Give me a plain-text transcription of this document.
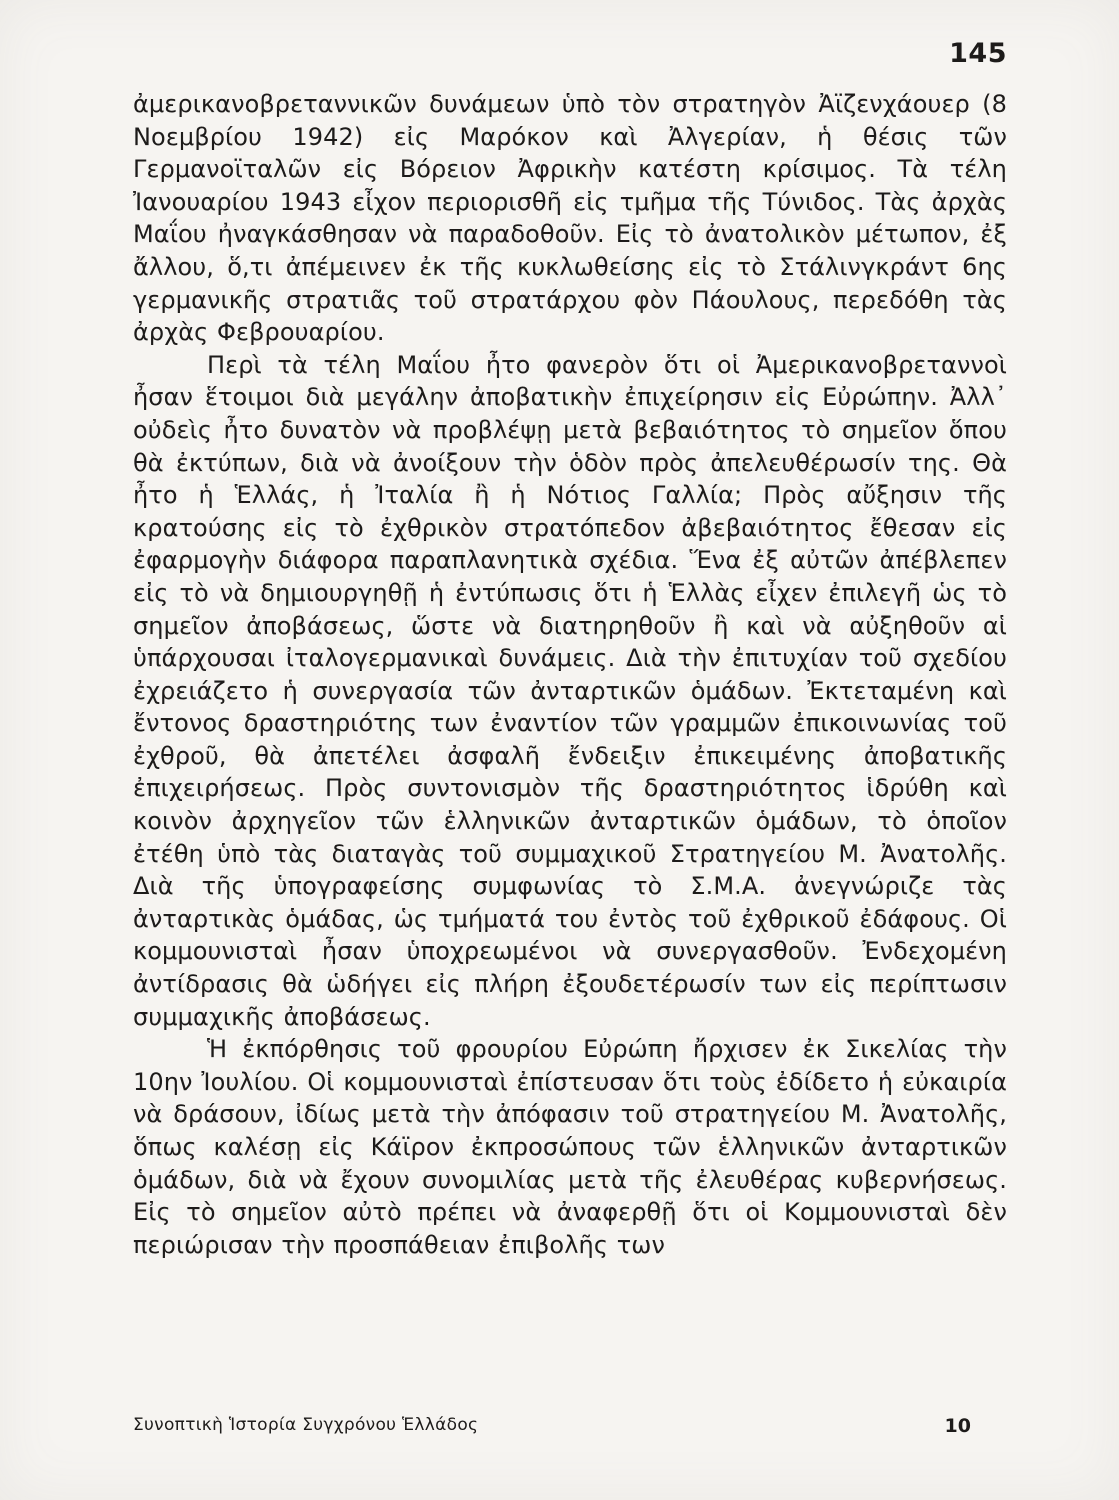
145

ἀμερικανοβρεταννικῶν δυνάμεων ὑπὸ τὸν στρατηγὸν Ἀϊζενχάουερ (8 Νοεμβρίου 1942) εἰς Μαρόκον καὶ Ἀλγερίαν, ἡ θέσις τῶν Γερμανοϊταλῶν εἰς Βόρειον Ἀφρικὴν κατέστη κρίσιμος. Τὰ τέλη Ἰανουαρίου 1943 εἶχον περιορισθῆ εἰς τμῆμα τῆς Τύνιδος. Τὰς ἀρχὰς Μαΐου ἠναγκάσθησαν νὰ παραδοθοῦν. Εἰς τὸ ἀνατολικὸν μέτωπον, ἐξ ἄλλου, ὅ,τι ἀπέμεινεν ἐκ τῆς κυκλωθείσης εἰς τὸ Στάλινγκράντ 6ης γερμανικῆς στρατιᾶς τοῦ στρατάρχου φὸν Πάουλους, περεδόθη τὰς ἀρχὰς Φεβρουαρίου.

Περὶ τὰ τέλη Μαΐου ἦτο φανερὸν ὅτι οἱ Ἀμερικανοβρεταννοὶ ἦσαν ἕτοιμοι διὰ μεγάλην ἀποβατικὴν ἐπιχείρησιν εἰς Εὐρώπην. Ἀλλ᾿ οὐδεὶς ἦτο δυνατὸν νὰ προβλέψῃ μετὰ βεβαιότητος τὸ σημεῖον ὅπου θὰ ἐκτύπων, διὰ νὰ ἀνοίξουν τὴν ὁδὸν πρὸς ἀπελευθέρωσίν της. Θὰ ἦτο ἡ Ἑλλάς, ἡ Ἰταλία ἢ ἡ Νότιος Γαλλία; Πρὸς αὔξησιν τῆς κρατούσης εἰς τὸ ἐχθρικὸν στρατόπεδον ἀβεβαιότητος ἔθεσαν εἰς ἐφαρμογὴν διάφορα παραπλανητικὰ σχέδια. Ἕνα ἐξ αὐτῶν ἀπέβλεπεν εἰς τὸ νὰ δημιουργηθῇ ἡ ἐντύπωσις ὅτι ἡ Ἑλλὰς εἶχεν ἐπιλεγῆ ὡς τὸ σημεῖον ἀποβάσεως, ὥστε νὰ διατηρηθοῦν ἢ καὶ νὰ αὐξηθοῦν αἱ ὑπάρχουσαι ἰταλογερμανικαὶ δυνάμεις. Διὰ τὴν ἐπιτυχίαν τοῦ σχεδίου ἐχρειάζετο ἡ συνεργασία τῶν ἀνταρτικῶν ὁμάδων. Ἐκτεταμένη καὶ ἔντονος δραστηριότης των ἐναντίον τῶν γραμμῶν ἐπικοινωνίας τοῦ ἐχθροῦ, θὰ ἀπετέλει ἀσφαλῆ ἔνδειξιν ἐπικειμένης ἀποβατικῆς ἐπιχειρήσεως. Πρὸς συντονισμὸν τῆς δραστηριότητος ἱδρύθη καὶ κοινὸν ἀρχηγεῖον τῶν ἑλληνικῶν ἀνταρτικῶν ὁμάδων, τὸ ὁποῖον ἐτέθη ὑπὸ τὰς διαταγὰς τοῦ συμμαχικοῦ Στρατηγείου Μ. Ἀνατολῆς. Διὰ τῆς ὑπογραφείσης συμφωνίας τὸ Σ.Μ.Α. ἀνεγνώριζε τὰς ἀνταρτικὰς ὁμάδας, ὡς τμήματά του ἐντὸς τοῦ ἐχθρικοῦ ἐδάφους. Οἱ κομμουνισταὶ ἦσαν ὑποχρεωμένοι νὰ συνεργασθοῦν. Ἐνδεχομένη ἀντίδρασις θὰ ὡδήγει εἰς πλήρη ἐξουδετέρωσίν των εἰς περίπτωσιν συμμαχικῆς ἀποβάσεως.

Ἡ ἐκπόρθησις τοῦ φρουρίου Εὐρώπη ἤρχισεν ἐκ Σικελίας τὴν 10ην Ἰουλίου. Οἱ κομμουνισταὶ ἐπίστευσαν ὅτι τοὺς ἐδίδετο ἡ εὐκαιρία νὰ δράσουν, ἰδίως μετὰ τὴν ἀπόφασιν τοῦ στρατηγείου Μ. Ἀνατολῆς, ὅπως καλέσῃ εἰς Κάϊρον ἐκπροσώπους τῶν ἑλληνικῶν ἀνταρτικῶν ὁμάδων, διὰ νὰ ἔχουν συνομιλίας μετὰ τῆς ἐλευθέρας κυβερνήσεως. Εἰς τὸ σημεῖον αὐτὸ πρέπει νὰ ἀναφερθῇ ὅτι οἱ Κομμουνισταὶ δὲν περιώρισαν τὴν προσπάθειαν ἐπιβολῆς των

Συνοπτικὴ Ἱστορία Συγχρόνου Ἑλλάδος	10
